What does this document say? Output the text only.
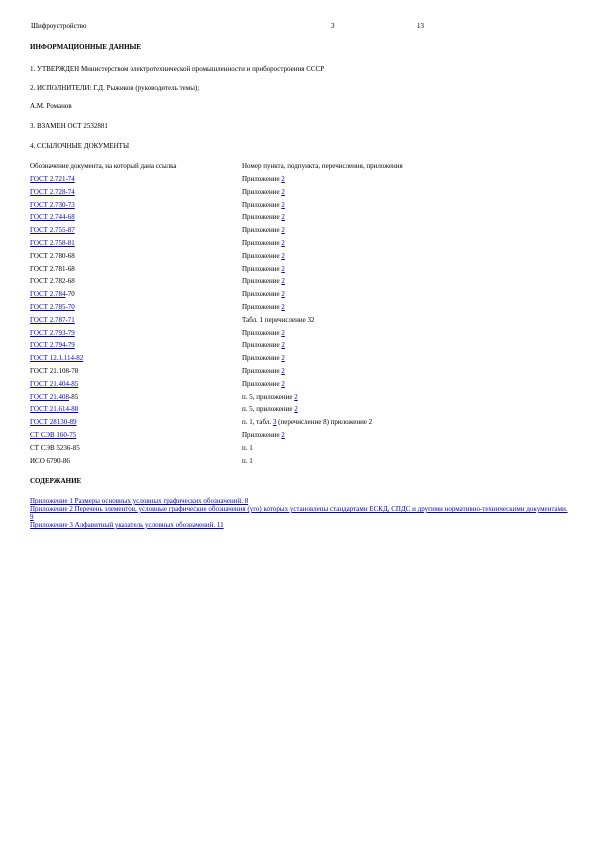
Шифроустройство	3	13
ИНФОРМАЦИОННЫЕ ДАННЫЕ
1. УТВЕРЖДЕН Министерством электротехнической промышленности и приборостроения СССР
2. ИСПОЛНИТЕЛИ: Г.Д. Рыжиков (руководитель темы);
А.М. Романов
3. ВЗАМЕН ОСТ 2532881
4. ССЫЛОЧНЫЕ ДОКУМЕНТЫ
Обозначение документа, на который дана ссылка	Номер пункта, подпункта, перечисления, приложения
ГОСТ 2.721-74	Приложение 2
ГОСТ 2.728-74	Приложение 2
ГОСТ 2.730-73	Приложение 2
ГОСТ 2.744-68	Приложение 2
ГОСТ 2.755-87	Приложение 2
ГОСТ 2.758-81	Приложение 2
ГОСТ 2.780-68	Приложение 2
ГОСТ 2.781-68	Приложение 2
ГОСТ 2.782-68	Приложение 2
ГОСТ 2.784-70	Приложение 2
ГОСТ 2.785-70	Приложение 2
ГОСТ 2.787-71	Табл. 1 перечисление 32
ГОСТ 2.793-79	Приложение 2
ГОСТ 2.794-79	Приложение 2
ГОСТ 12.1.114-82	Приложение 2
ГОСТ 21.108-78	Приложение 2
ГОСТ 21.404-85	Приложение 2
ГОСТ 21.408-85	п. 5, приложение 2
ГОСТ 21.614-88	п. 5, приложение 2
ГОСТ 28130-89	п. 1, табл. 3 (перечисление 8) приложение 2
СТ СЭВ 160-75	Приложение 2
СТ СЭВ 5236-85	п. 1
ИСО 6790-86	п. 1
СОДЕРЖАНИЕ
Приложение 1 Размеры основных условных графических обозначений. 8
Приложение 2 Перечень элементов, условные графические обозначения (уго) которых установлены стандартами ЕСКД, СПДС и другими нормативно-техническими документами. 9
Приложение 3 Алфавитный указатель условных обозначений. 11
